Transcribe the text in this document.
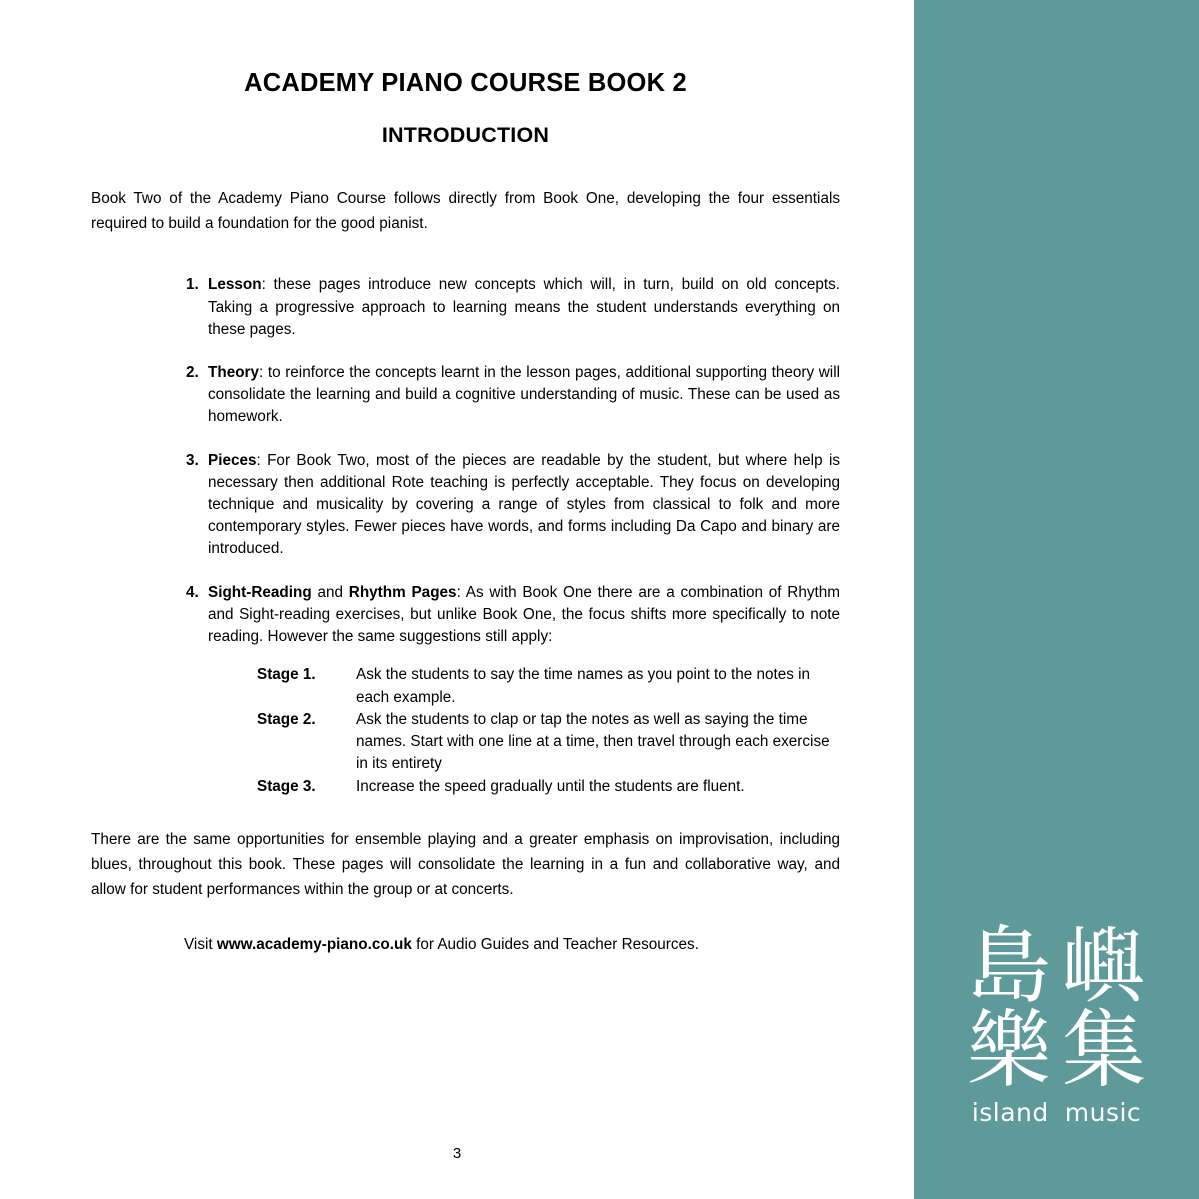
島 嶼
樂 集
island music
ACADEMY PIANO COURSE BOOK 2
INTRODUCTION

Book Two of the Academy Piano Course follows directly from Book One, developing the four essentials required to build a foundation for the good pianist.

1. Lesson: these pages introduce new concepts which will, in turn, build on old concepts. Taking a progressive approach to learning means the student understands everything on these pages.
2. Theory: to reinforce the concepts learnt in the lesson pages, additional supporting theory will consolidate the learning and build a cognitive understanding of music. These can be used as homework.
3. Pieces: For Book Two, most of the pieces are readable by the student, but where help is necessary then additional Rote teaching is perfectly acceptable. They focus on developing technique and musicality by covering a range of styles from classical to folk and more contemporary styles. Fewer pieces have words, and forms including Da Capo and binary are introduced.
4. Sight-Reading and Rhythm Pages: As with Book One there are a combination of Rhythm and Sight-reading exercises, but unlike Book One, the focus shifts more specifically to note reading. However the same suggestions still apply:
Stage 1.	Ask the students to say the time names as you point to the notes in each example.
Stage 2.	Ask the students to clap or tap the notes as well as saying the time names. Start with one line at a time, then travel through each exercise in its entirety
Stage 3.	Increase the speed gradually until the students are fluent.

There are the same opportunities for ensemble playing and a greater emphasis on improvisation, including blues, throughout this book. These pages will consolidate the learning in a fun and collaborative way, and allow for student performances within the group or at concerts.

Visit www.academy-piano.co.uk for Audio Guides and Teacher Resources.

3
